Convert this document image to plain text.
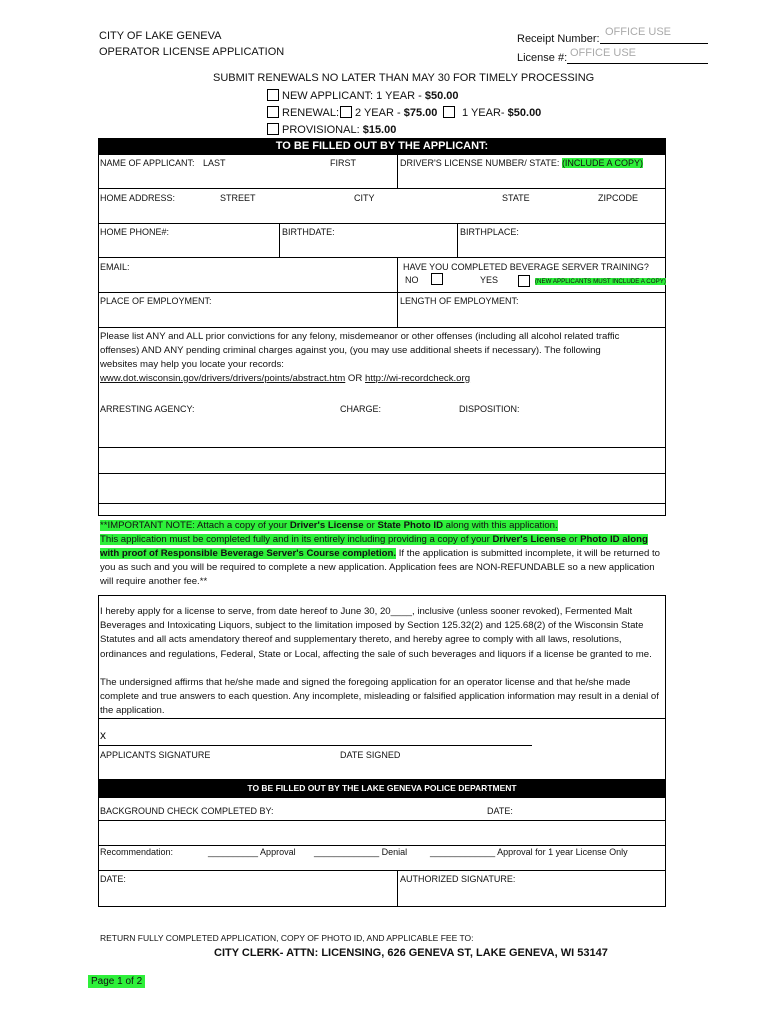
CITY OF LAKE GENEVA
OPERATOR LICENSE APPLICATION
Receipt Number:
OFFICE USE
License #: OFFICE USE
SUBMIT RENEWALS NO LATER THAN MAY 30 FOR TIMELY PROCESSING
NEW APPLICANT: 1 YEAR - $50.00
RENEWAL: 2 YEAR - $75.00 1 YEAR- $50.00
PROVISIONAL: $15.00
TO BE FILLED OUT BY THE APPLICANT:
NAME OF APPLICANT: LAST	FIRST	DRIVER'S LICENSE NUMBER/ STATE: (INCLUDE A COPY)
HOME ADDRESS:	STREET	CITY	STATE	ZIPCODE
HOME PHONE#:	BIRTHDATE:	BIRTHPLACE:
EMAIL:	HAVE YOU COMPLETED BEVERAGE SERVER TRAINING?
NO	YES	(NEW APPLICANTS MUST INCLUDE A COPY)
PLACE OF EMPLOYMENT:	LENGTH OF EMPLOYMENT:
Please list ANY and ALL prior convictions for any felony, misdemeanor or other offenses (including all alcohol related traffic
offenses) AND ANY pending criminal charges against you, (you may use additional sheets if necessary). The following
websites may help you locate your records:
www.dot.wisconsin.gov/drivers/drivers/points/abstract.htm OR http://wi-recordcheck.org
ARRESTING AGENCY:	CHARGE:	DISPOSITION:
**IMPORTANT NOTE: Attach a copy of your Driver's License or State Photo ID along with this application.
This application must be completed fully and in its entirely including providing a copy of your Driver's License or Photo ID along
with proof of Responsible Beverage Server's Course completion. If the application is submitted incomplete, it will be returned to
you as such and you will be required to complete a new application. Application fees are NON-REFUNDABLE so a new application
will require another fee.**
I hereby apply for a license to serve, from date hereof to June 30, 20____, inclusive (unless sooner revoked), Fermented Malt
Beverages and Intoxicating Liquors, subject to the limitation imposed by Section 125.32(2) and 125.68(2) of the Wisconsin State
Statutes and all acts amendatory thereof and supplementary thereto, and hereby agree to comply with all laws, resolutions,
ordinances and regulations, Federal, State or Local, affecting the sale of such beverages and liquors if a license be granted to me.
The undersigned affirms that he/she made and signed the foregoing application for an operator license and that he/she made
complete and true answers to each question. Any incomplete, misleading or falsified application information may result in a denial of
the application.
x
APPLICANTS SIGNATURE	DATE SIGNED
TO BE FILLED OUT BY THE LAKE GENEVA POLICE DEPARTMENT
BACKGROUND CHECK COMPLETED BY:	DATE:
Recommendation:	__________ Approval _____________ Denial	_____________ Approval for 1 year License Only
DATE:	AUTHORIZED SIGNATURE:
RETURN FULLY COMPLETED APPLICATION, COPY OF PHOTO ID, AND APPLICABLE FEE TO:
CITY CLERK- ATTN: LICENSING, 626 GENEVA ST, LAKE GENEVA, WI 53147
Page 1 of 2
